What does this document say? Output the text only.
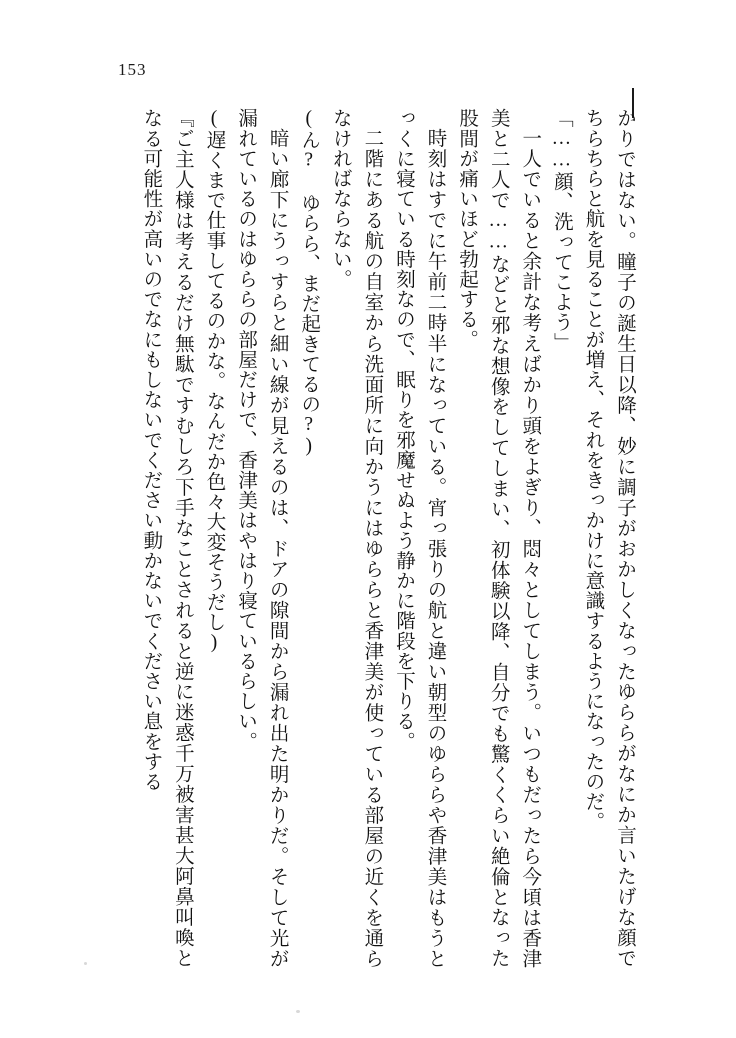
153

かりではない。瞳子の誕生日以降、妙に調子がおかしくなったゆららがなにか言いたげな顔でちらちらと航を見ることが増え、それをきっかけに意識するようになったのだ。

「……顔、洗ってこよう」

一人でいると余計な考えばかり頭をよぎり、悶々としてしまう。いつもだったら今頃は香津美と二人で……などと邪な想像をしてしまい、初体験以降、自分でも驚くくらい絶倫となった股間が痛いほど勃起する。

時刻はすでに午前二時半になっている。宵っ張りの航と違い朝型のゆららや香津美はもうとっくに寝ている時刻なので、眠りを邪魔せぬよう静かに階段を下りる。

二階にある航の自室から洗面所に向かうにはゆららと香津美が使っている部屋の近くを通らなければならない。

(ん? ゆらら、まだ起きてるの?)

暗い廊下にうっすらと細い線が見えるのは、ドアの隙間から漏れ出た明かりだ。そして光が漏れているのはゆららの部屋だけで、香津美はやはり寝ているらしい。

(遅くまで仕事してるのかな。なんだか色々大変そうだし)

『ご主人様は考えるだけ無駄ですむしろ下手なことされると逆に迷惑千万被害甚大阿鼻叫喚となる可能性が高いのでなにもしないでください動かないでください息をする
